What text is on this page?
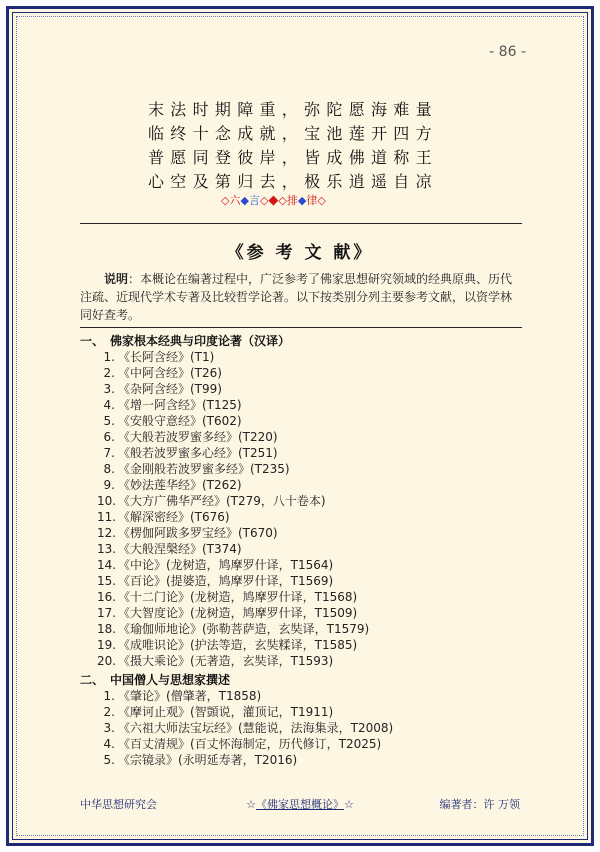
- 86 -
末法时期障重，弥陀愿海难量
临终十念成就，宝池莲开四方
普愿同登彼岸，皆成佛道称王
心空及第归去，极乐逍遥自凉
◇六◆言◇◆◇排◆律◇
《参 考 文 献》
说明：本概论在编著过程中，广泛参考了佛家思想研究领域的经典原典、历代注疏、近现代学术专著及比较哲学论著。以下按类别分列主要参考文献，以资学林同好查考。
一、 佛家根本经典与印度论著（汉译）
1. 《长阿含经》(T1)
2. 《中阿含经》(T26)
3. 《杂阿含经》(T99)
4. 《增一阿含经》(T125)
5. 《安般守意经》(T602)
6. 《大般若波罗蜜多经》(T220)
7. 《般若波罗蜜多心经》(T251)
8. 《金刚般若波罗蜜多经》(T235)
9. 《妙法莲华经》(T262)
10. 《大方广佛华严经》(T279，八十卷本)
11. 《解深密经》(T676)
12. 《楞伽阿跋多罗宝经》(T670)
13. 《大般涅槃经》(T374)
14. 《中论》(龙树造，鸠摩罗什译，T1564)
15. 《百论》(提婆造，鸠摩罗什译，T1569)
16. 《十二门论》(龙树造，鸠摩罗什译，T1568)
17. 《大智度论》(龙树造，鸠摩罗什译，T1509)
18. 《瑜伽师地论》(弥勒菩萨造，玄奘译，T1579)
19. 《成唯识论》(护法等造，玄奘糅译，T1585)
20. 《摄大乘论》(无著造，玄奘译，T1593)
二、 中国僧人与思想家撰述
1. 《肇论》(僧肇著，T1858)
2. 《摩诃止观》(智顗说，灌顶记，T1911)
3. 《六祖大师法宝坛经》(慧能说，法海集录，T2008)
4. 《百丈清规》(百丈怀海制定，历代修订，T2025)
5. 《宗镜录》(永明延寿著，T2016)
中华思想研究会	☆《佛家思想概论》☆	编著者：许 万领
